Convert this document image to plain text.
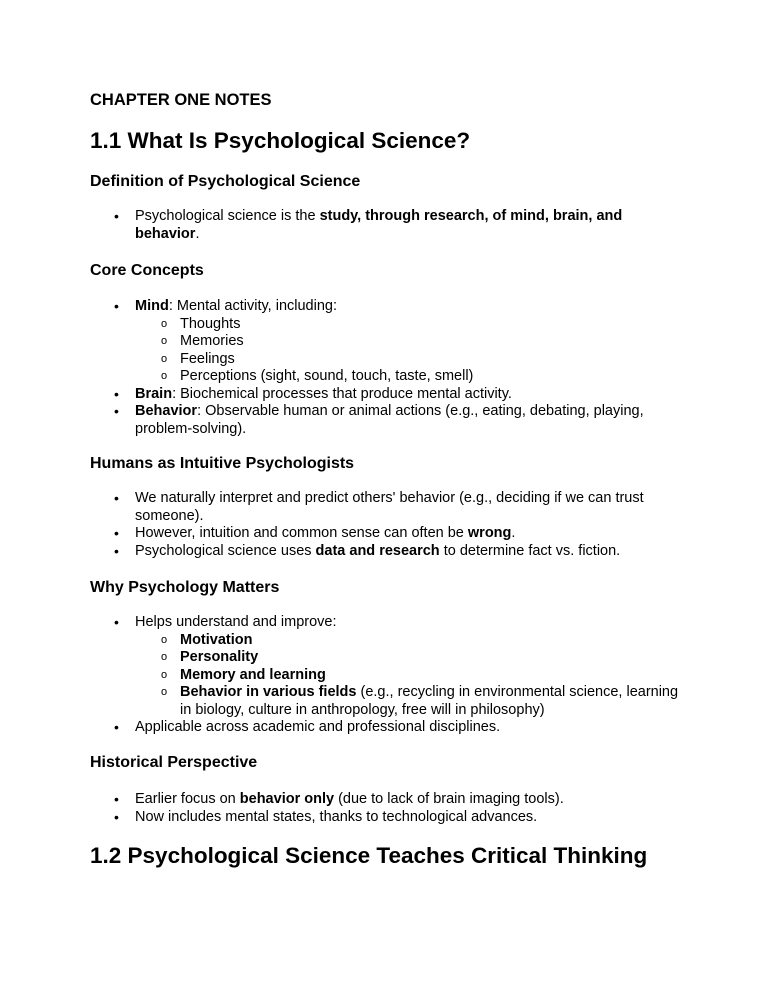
CHAPTER ONE NOTES
1.1 What Is Psychological Science?
Definition of Psychological Science
• Psychological science is the study, through research, of mind, brain, and behavior.
Core Concepts
• Mind: Mental activity, including:
o Thoughts
o Memories
o Feelings
o Perceptions (sight, sound, touch, taste, smell)
• Brain: Biochemical processes that produce mental activity.
• Behavior: Observable human or animal actions (e.g., eating, debating, playing, problem-solving).
Humans as Intuitive Psychologists
• We naturally interpret and predict others' behavior (e.g., deciding if we can trust someone).
• However, intuition and common sense can often be wrong.
• Psychological science uses data and research to determine fact vs. fiction.
Why Psychology Matters
• Helps understand and improve:
o Motivation
o Personality
o Memory and learning
o Behavior in various fields (e.g., recycling in environmental science, learning in biology, culture in anthropology, free will in philosophy)
• Applicable across academic and professional disciplines.
Historical Perspective
• Earlier focus on behavior only (due to lack of brain imaging tools).
• Now includes mental states, thanks to technological advances.
1.2 Psychological Science Teaches Critical Thinking
